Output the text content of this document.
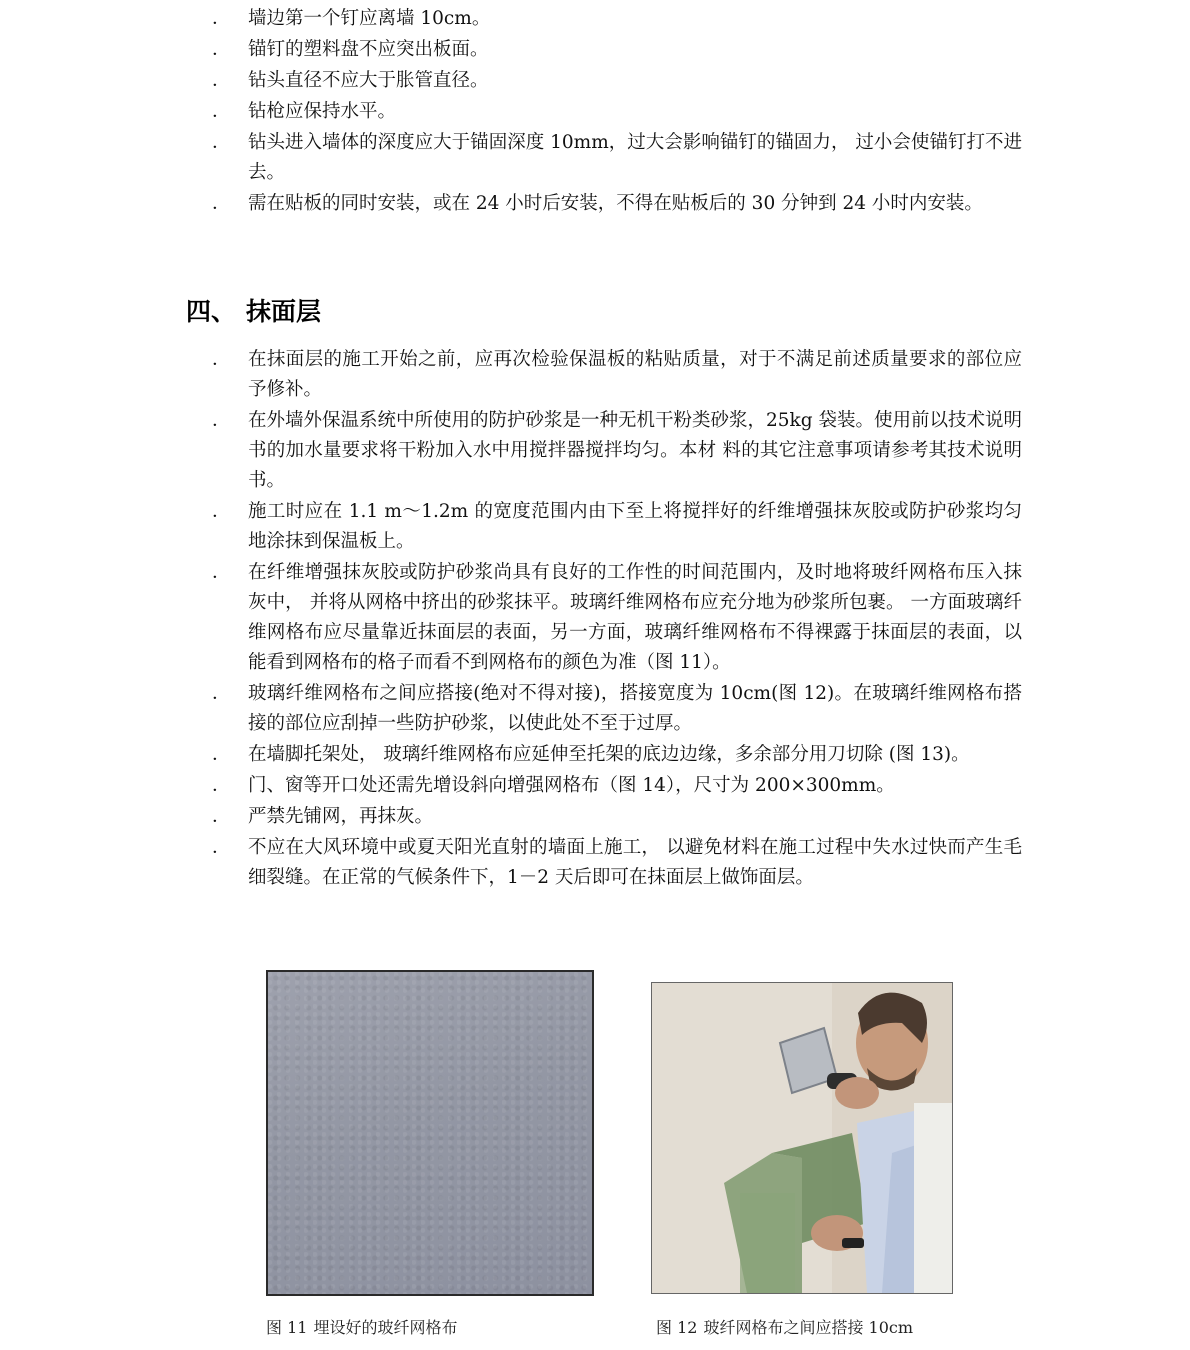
． 墙边第一个钉应离墙 10cm。
． 锚钉的塑料盘不应突出板面。
． 钻头直径不应大于胀管直径。
． 钻枪应保持水平。
． 钻头进入墙体的深度应大于锚固深度 10mm，过大会影响锚钉的锚固力， 过小会使锚钉打不进去。
． 需在贴板的同时安装，或在 24 小时后安装，不得在贴板后的 30 分钟到 24 小时内安装。
四、 抹面层
． 在抹面层的施工开始之前，应再次检验保温板的粘贴质量，对于不满足前述质量要求的部位应予修补。
． 在外墙外保温系统中所使用的防护砂浆是一种无机干粉类砂浆，25kg 袋装。使用前以技术说明书的加水量要求将干粉加入水中用搅拌器搅拌均匀。本材 料的其它注意事项请参考其技术说明书。
． 施工时应在 1.1 m～1.2m 的宽度范围内由下至上将搅拌好的纤维增强抹灰胶或防护砂浆均匀地涂抹到保温板上。
． 在纤维增强抹灰胶或防护砂浆尚具有良好的工作性的时间范围内，及时地将玻纤网格布压入抹灰中， 并将从网格中挤出的砂浆抹平。玻璃纤维网格布应充分地为砂浆所包裹。 一方面玻璃纤维网格布应尽量靠近抹面层的表面，另一方面，玻璃纤维网格布不得裸露于抹面层的表面，以能看到网格布的格子而看不到网格布的颜色为准（图 11）。
． 玻璃纤维网格布之间应搭接(绝对不得对接)，搭接宽度为 10cm(图 12)。在玻璃纤维网格布搭接的部位应刮掉一些防护砂浆，以使此处不至于过厚。
． 在墙脚托架处， 玻璃纤维网格布应延伸至托架的底边边缘，多余部分用刀切除 (图 13)。
． 门、窗等开口处还需先增设斜向增强网格布（图 14），尺寸为 200×300mm。
． 严禁先铺网，再抹灰。
． 不应在大风环境中或夏天阳光直射的墙面上施工， 以避免材料在施工过程中失水过快而产生毛细裂缝。在正常的气候条件下，1－2 天后即可在抹面层上做饰面层。
图 11 埋设好的玻纤网格布	图 12 玻纤网格布之间应搭接 10cm
